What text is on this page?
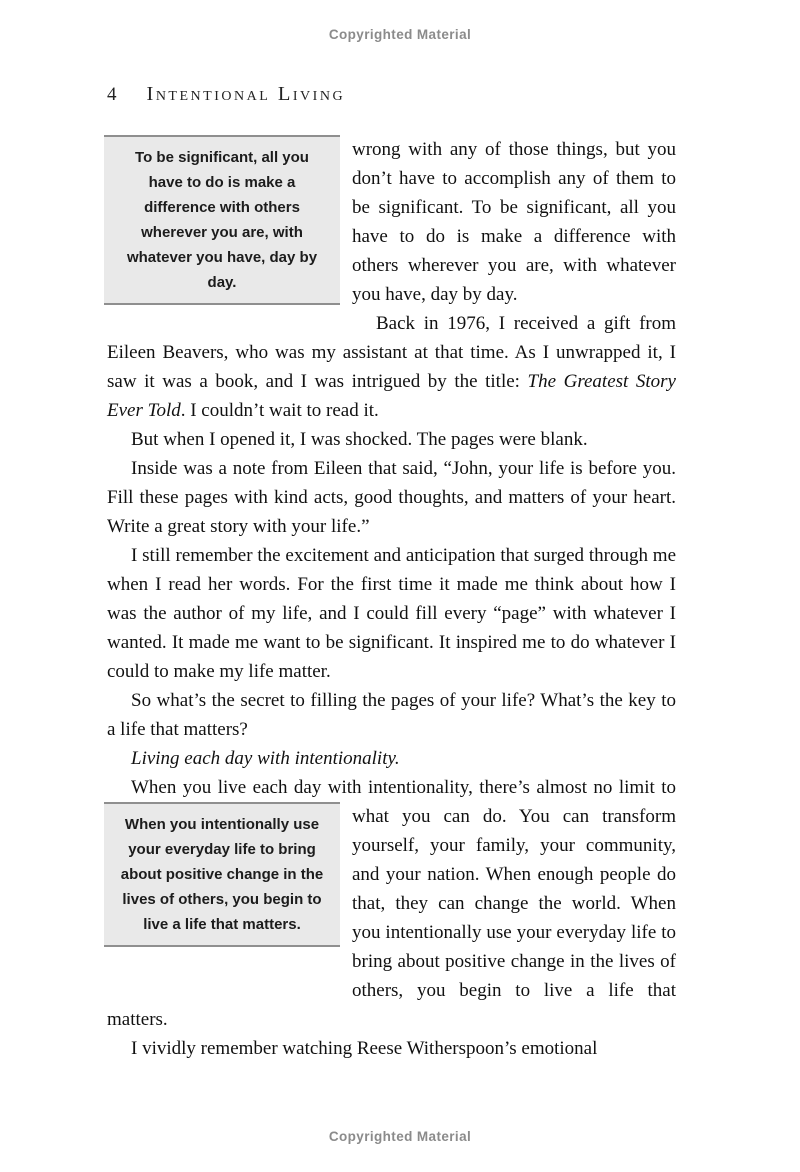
Copyrighted Material
4 Intentional Living
To be significant, all you have to do is make a difference with others wherever you are, with whatever you have, day by day.
wrong with any of those things, but you don’t have to accomplish any of them to be significant. To be significant, all you have to do is make a difference with others wherever you are, with whatever you have, day by day.
Back in 1976, I received a gift from Eileen Beavers, who was my assistant at that time. As I unwrapped it, I saw it was a book, and I was intrigued by the title: The Greatest Story Ever Told. I couldn’t wait to read it.
But when I opened it, I was shocked. The pages were blank.
Inside was a note from Eileen that said, “John, your life is before you. Fill these pages with kind acts, good thoughts, and matters of your heart. Write a great story with your life.”
I still remember the excitement and anticipation that surged through me when I read her words. For the first time it made me think about how I was the author of my life, and I could fill every “page” with whatever I wanted. It made me want to be significant. It inspired me to do whatever I could to make my life matter.
So what’s the secret to filling the pages of your life? What’s the key to a life that matters?
Living each day with intentionality.
When you live each day with intentionality, there’s almost no
When you intentionally use your everyday life to bring about positive change in the lives of others, you begin to live a life that matters.
limit to what you can do. You can transform yourself, your family, your community, and your nation. When enough people do that, they can change the world. When you intentionally use your everyday life to bring about positive change in the lives of others, you begin to live a life that matters.
I vividly remember watching Reese Witherspoon’s emotional
Copyrighted Material
